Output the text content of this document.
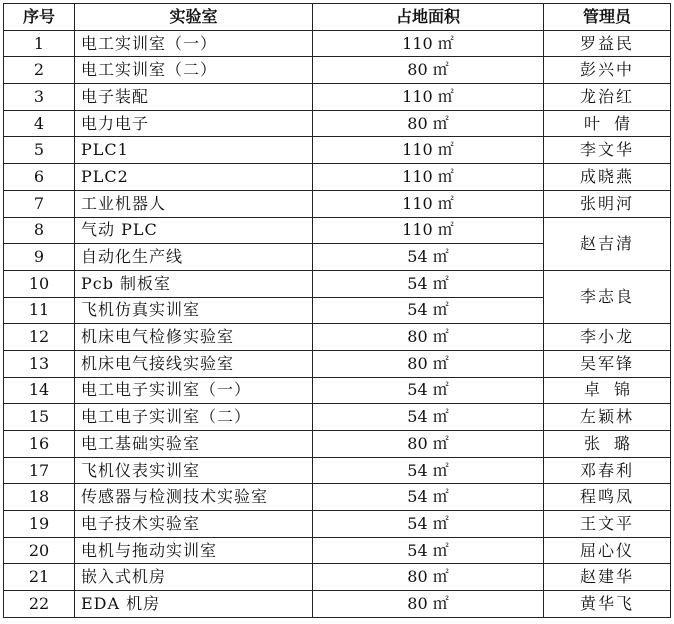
序号	实验室	占地面积	管理员
1	电工实训室（一）	110 ㎡	罗益民
2	电工实训室（二）	80 ㎡	彭兴中
3	电子装配	110 ㎡	龙治红
4	电力电子	80 ㎡	叶倩
5	PLC1	110 ㎡	李文华
6	PLC2	110 ㎡	成晓燕
7	工业机器人	110 ㎡	张明河
8	气动 PLC	110 ㎡	赵吉清
9	自动化生产线	54 ㎡	
10	Pcb 制板室	54 ㎡	李志良
11	飞机仿真实训室	54 ㎡	
12	机床电气检修实验室	80 ㎡	李小龙
13	机床电气接线实验室	80 ㎡	吴军锋
14	电工电子实训室（一）	54 ㎡	卓锦
15	电工电子实训室（二）	54 ㎡	左颖林
16	电工基础实验室	80 ㎡	张璐
17	飞机仪表实训室	54 ㎡	邓春利
18	传感器与检测技术实验室	54 ㎡	程鸣凤
19	电子技术实验室	54 ㎡	王文平
20	电机与拖动实训室	54 ㎡	屈心仪
21	嵌入式机房	80 ㎡	赵建华
22	EDA 机房	80 ㎡	黄华飞
